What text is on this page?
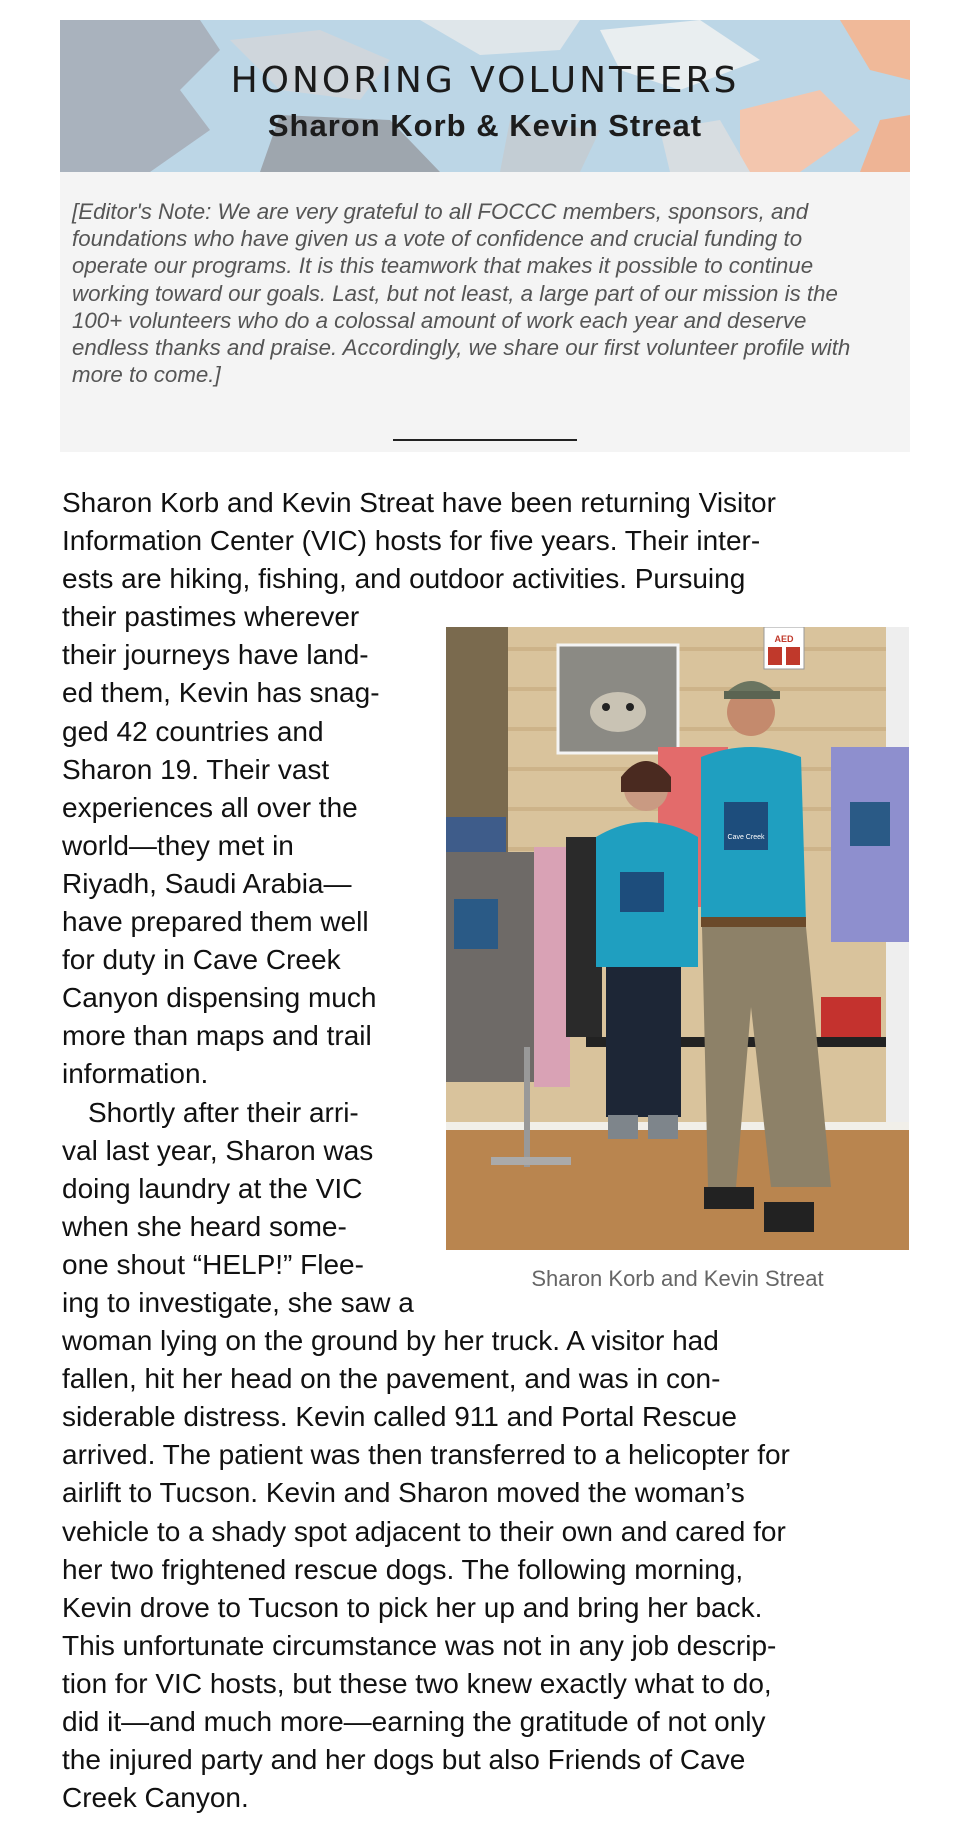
HONORING VOLUNTEERS
Sharon Korb & Kevin Streat

[Editor's Note: We are very grateful to all FOCCC members, sponsors, and
foundations who have given us a vote of confidence and crucial funding to
operate our programs. It is this teamwork that makes it possible to continue
working toward our goals. Last, but not least, a large part of our mission is the
100+ volunteers who do a colossal amount of work each year and deserve
endless thanks and praise. Accordingly, we share our first volunteer profile with
more to come.]

Sharon Korb and Kevin Streat have been returning Visitor
Information Center (VIC) hosts for five years. Their inter-
ests are hiking, fishing, and outdoor activities. Pursuing
their pastimes wherever
their journeys have land-
ed them, Kevin has snag-
ged 42 countries and
Sharon 19. Their vast
experiences all over the
world—they met in
Riyadh, Saudi Arabia—
have prepared them well
for duty in Cave Creek
Canyon dispensing much
more than maps and trail
information.
Shortly after their arri-
val last year, Sharon was
doing laundry at the VIC
when she heard some-
one shout “HELP!” Flee-
ing to investigate, she saw a
woman lying on the ground by her truck. A visitor had
fallen, hit her head on the pavement, and was in con-
siderable distress. Kevin called 911 and Portal Rescue
arrived. The patient was then transferred to a helicopter for
airlift to Tucson. Kevin and Sharon moved the woman’s
vehicle to a shady spot adjacent to their own and cared for
her two frightened rescue dogs. The following morning,
Kevin drove to Tucson to pick her up and bring her back.
This unfortunate circumstance was not in any job descrip-
tion for VIC hosts, but these two knew exactly what to do,
did it—and much more—earning the gratitude of not only
the injured party and her dogs but also Friends of Cave
Creek Canyon.
AED
Cave Creek
Sharon Korb and Kevin Streat
